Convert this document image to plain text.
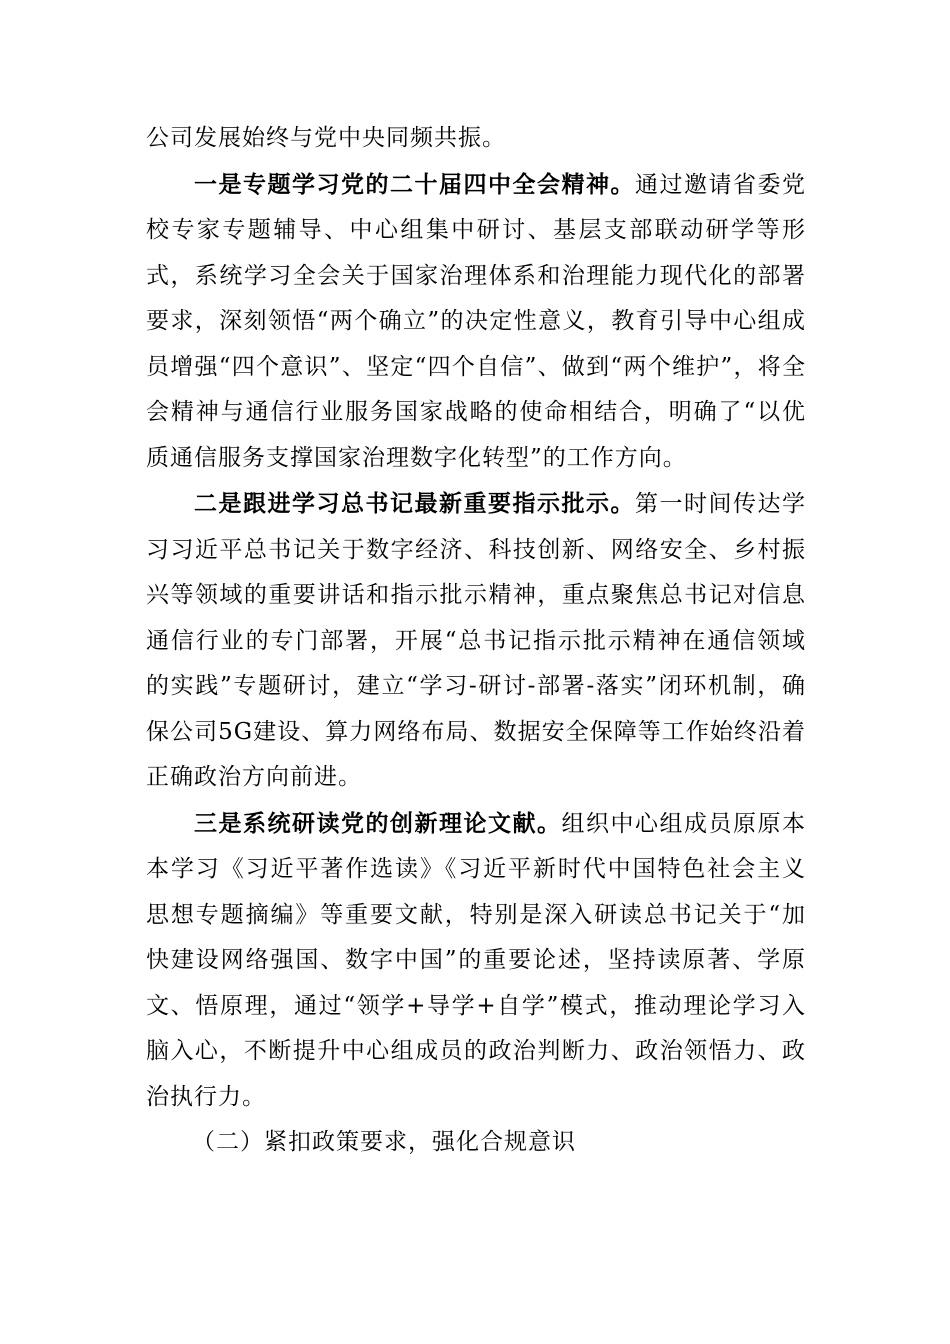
公司发展始终与党中央同频共振。

一是专题学习党的二十届四中全会精神。通过邀请省委党校专家专题辅导、中心组集中研讨、基层支部联动研学等形式，系统学习全会关于国家治理体系和治理能力现代化的部署要求，深刻领悟“两个确立”的决定性意义，教育引导中心组成员增强“四个意识”、坚定“四个自信”、做到“两个维护”，将全会精神与通信行业服务国家战略的使命相结合，明确了“以优质通信服务支撑国家治理数字化转型”的工作方向。

二是跟进学习总书记最新重要指示批示。第一时间传达学习习近平总书记关于数字经济、科技创新、网络安全、乡村振兴等领域的重要讲话和指示批示精神，重点聚焦总书记对信息通信行业的专门部署，开展“总书记指示批示精神在通信领域的实践”专题研讨，建立“学习-研讨-部署-落实”闭环机制，确保公司5G建设、算力网络布局、数据安全保障等工作始终沿着正确政治方向前进。

三是系统研读党的创新理论文献。组织中心组成员原原本本学习《习近平著作选读》《习近平新时代中国特色社会主义思想专题摘编》等重要文献，特别是深入研读总书记关于“加快建设网络强国、数字中国”的重要论述，坚持读原著、学原文、悟原理，通过“领学+导学+自学”模式，推动理论学习入脑入心，不断提升中心组成员的政治判断力、政治领悟力、政治执行力。

（二）紧扣政策要求，强化合规意识
